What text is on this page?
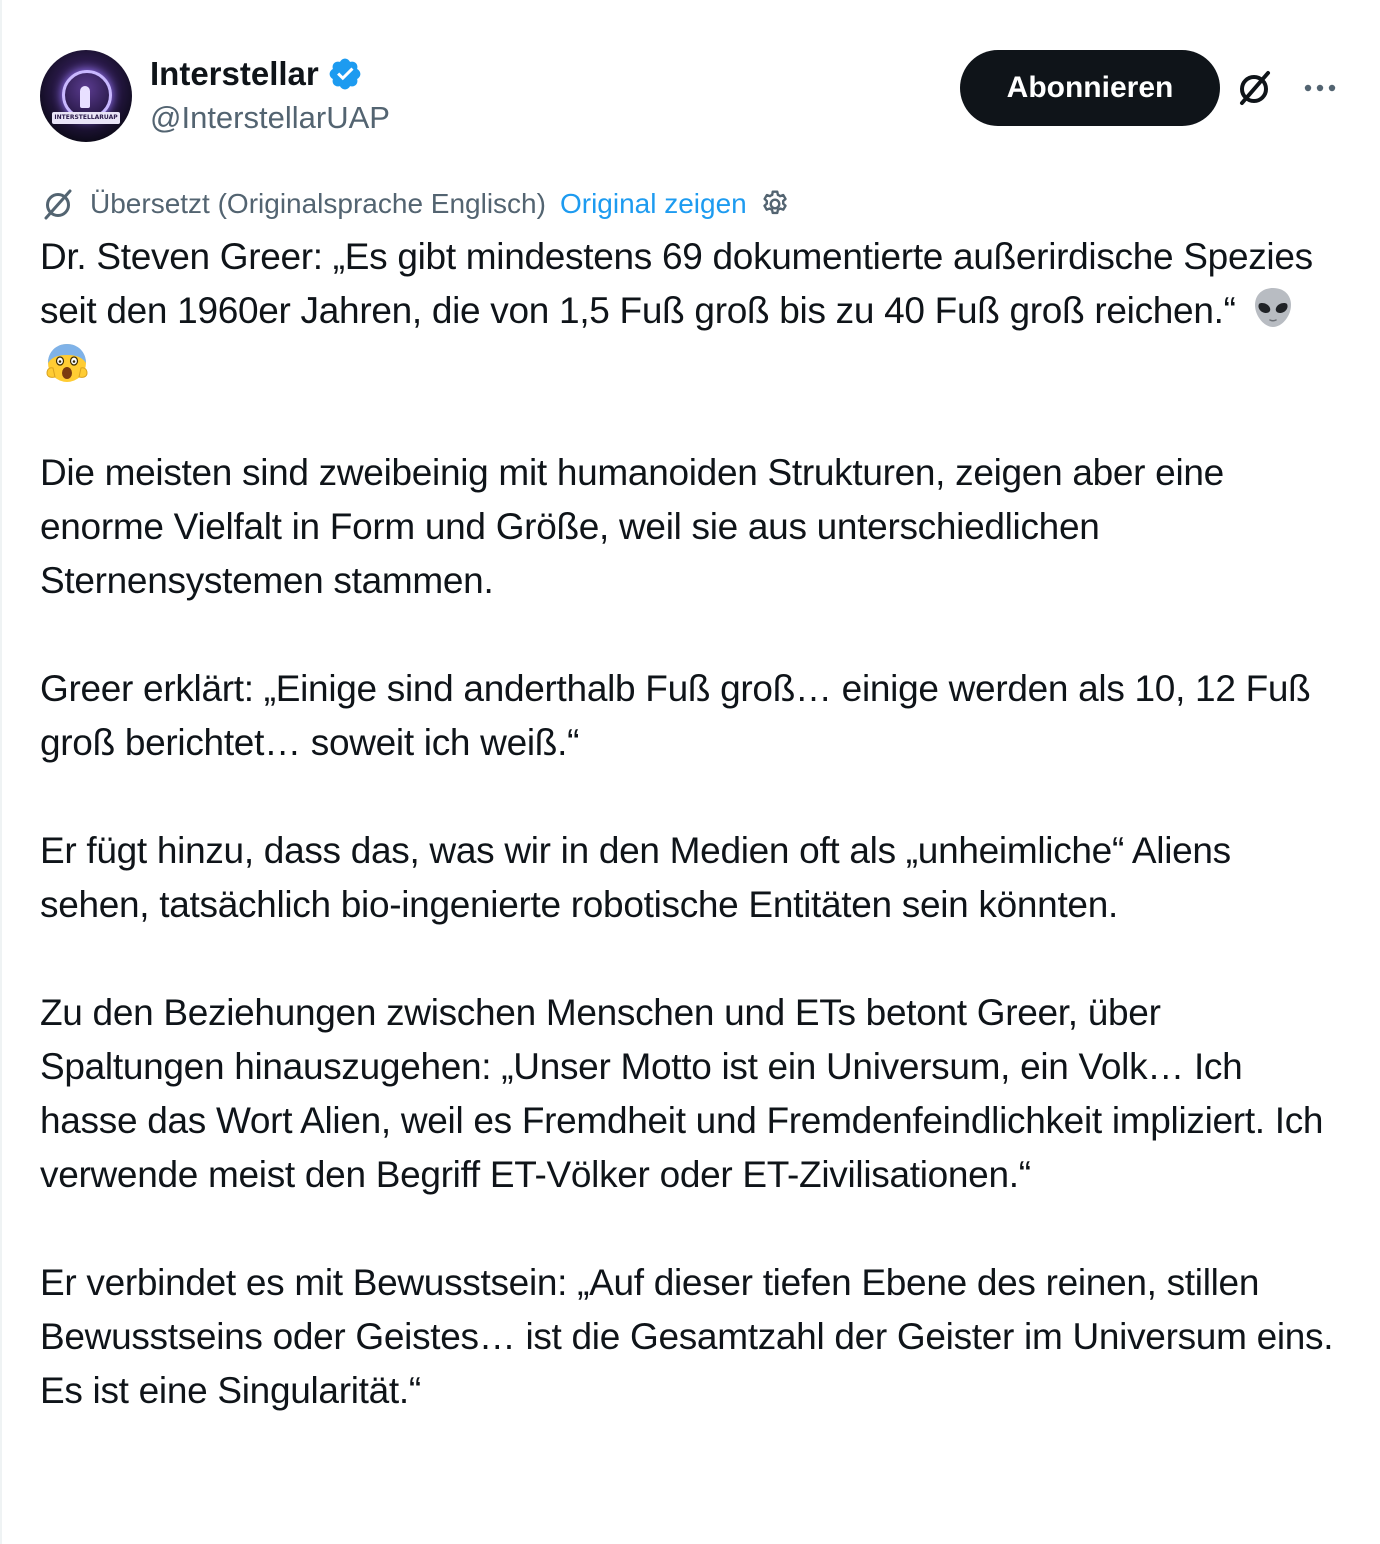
INTERSTELLARUAP
Interstellar
@InterstellarUAP
Abonnieren
Übersetzt (Originalsprache Englisch) Original zeigen

Dr. Steven Greer: „Es gibt mindestens 69 dokumentierte außerirdische Spezies seit den 1960er Jahren, die von 1,5 Fuß groß bis zu 40 Fuß groß reichen.“

Die meisten sind zweibeinig mit humanoiden Strukturen, zeigen aber eine enorme Vielfalt in Form und Größe, weil sie aus unterschiedlichen Sternensystemen stammen.

Greer erklärt: „Einige sind anderthalb Fuß groß… einige werden als 10, 12 Fuß groß berichtet… soweit ich weiß.“

Er fügt hinzu, dass das, was wir in den Medien oft als „unheimliche“ Aliens sehen, tatsächlich bio-ingenierte robotische Entitäten sein könnten.

Zu den Beziehungen zwischen Menschen und ETs betont Greer, über Spaltungen hinauszugehen: „Unser Motto ist ein Universum, ein Volk… Ich hasse das Wort Alien, weil es Fremdheit und Fremdenfeindlichkeit impliziert. Ich verwende meist den Begriff ET-Völker oder ET-Zivilisationen.“

Er verbindet es mit Bewusstsein: „Auf dieser tiefen Ebene des reinen, stillen Bewusstseins oder Geistes… ist die Gesamtzahl der Geister im Universum eins. Es ist eine Singularität.“
